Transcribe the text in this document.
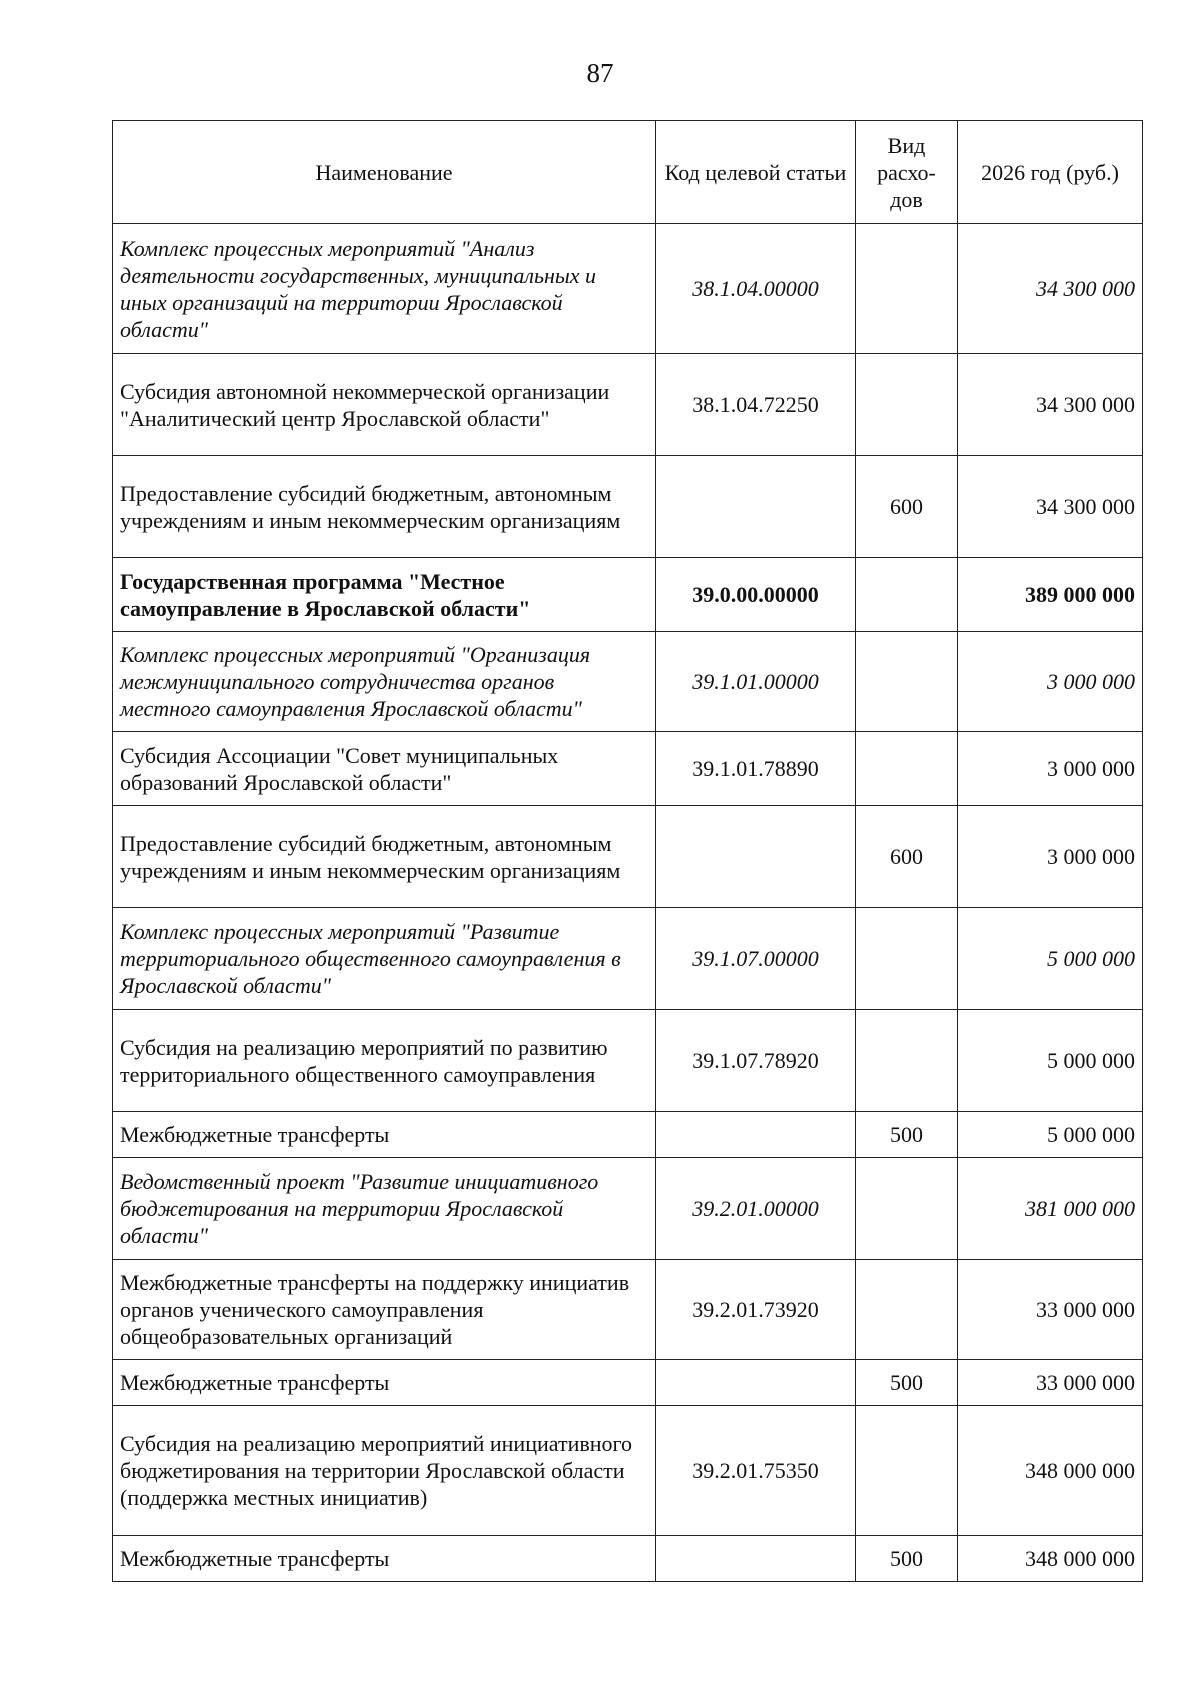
87
Наименование	Код целевой статьи	Вид расхо-дов	2026 год (руб.)
Комплекс процессных мероприятий "Анализ деятельности государственных, муниципальных и иных организаций на территории Ярославской области"	38.1.04.00000		34 300 000
Субсидия автономной некоммерческой организации "Аналитический центр Ярославской области"	38.1.04.72250		34 300 000
Предоставление субсидий бюджетным, автономным учреждениям и иным некоммерческим организациям		600	34 300 000
Государственная программа "Местное самоуправление в Ярославской области"	39.0.00.00000		389 000 000
Комплекс процессных мероприятий "Организация межмуниципального сотрудничества органов местного самоуправления Ярославской области"	39.1.01.00000		3 000 000
Субсидия Ассоциации "Совет муниципальных образований Ярославской области"	39.1.01.78890		3 000 000
Предоставление субсидий бюджетным, автономным учреждениям и иным некоммерческим организациям		600	3 000 000
Комплекс процессных мероприятий "Развитие территориального общественного самоуправления в Ярославской области"	39.1.07.00000		5 000 000
Субсидия на реализацию мероприятий по развитию территориального общественного самоуправления	39.1.07.78920		5 000 000
Межбюджетные трансферты		500	5 000 000
Ведомственный проект "Развитие инициативного бюджетирования на территории Ярославской области"	39.2.01.00000		381 000 000
Межбюджетные трансферты на поддержку инициатив органов ученического самоуправления общеобразовательных организаций	39.2.01.73920		33 000 000
Межбюджетные трансферты		500	33 000 000
Субсидия на реализацию мероприятий инициативного бюджетирования на территории Ярославской области (поддержка местных инициатив)	39.2.01.75350		348 000 000
Межбюджетные трансферты		500	348 000 000
